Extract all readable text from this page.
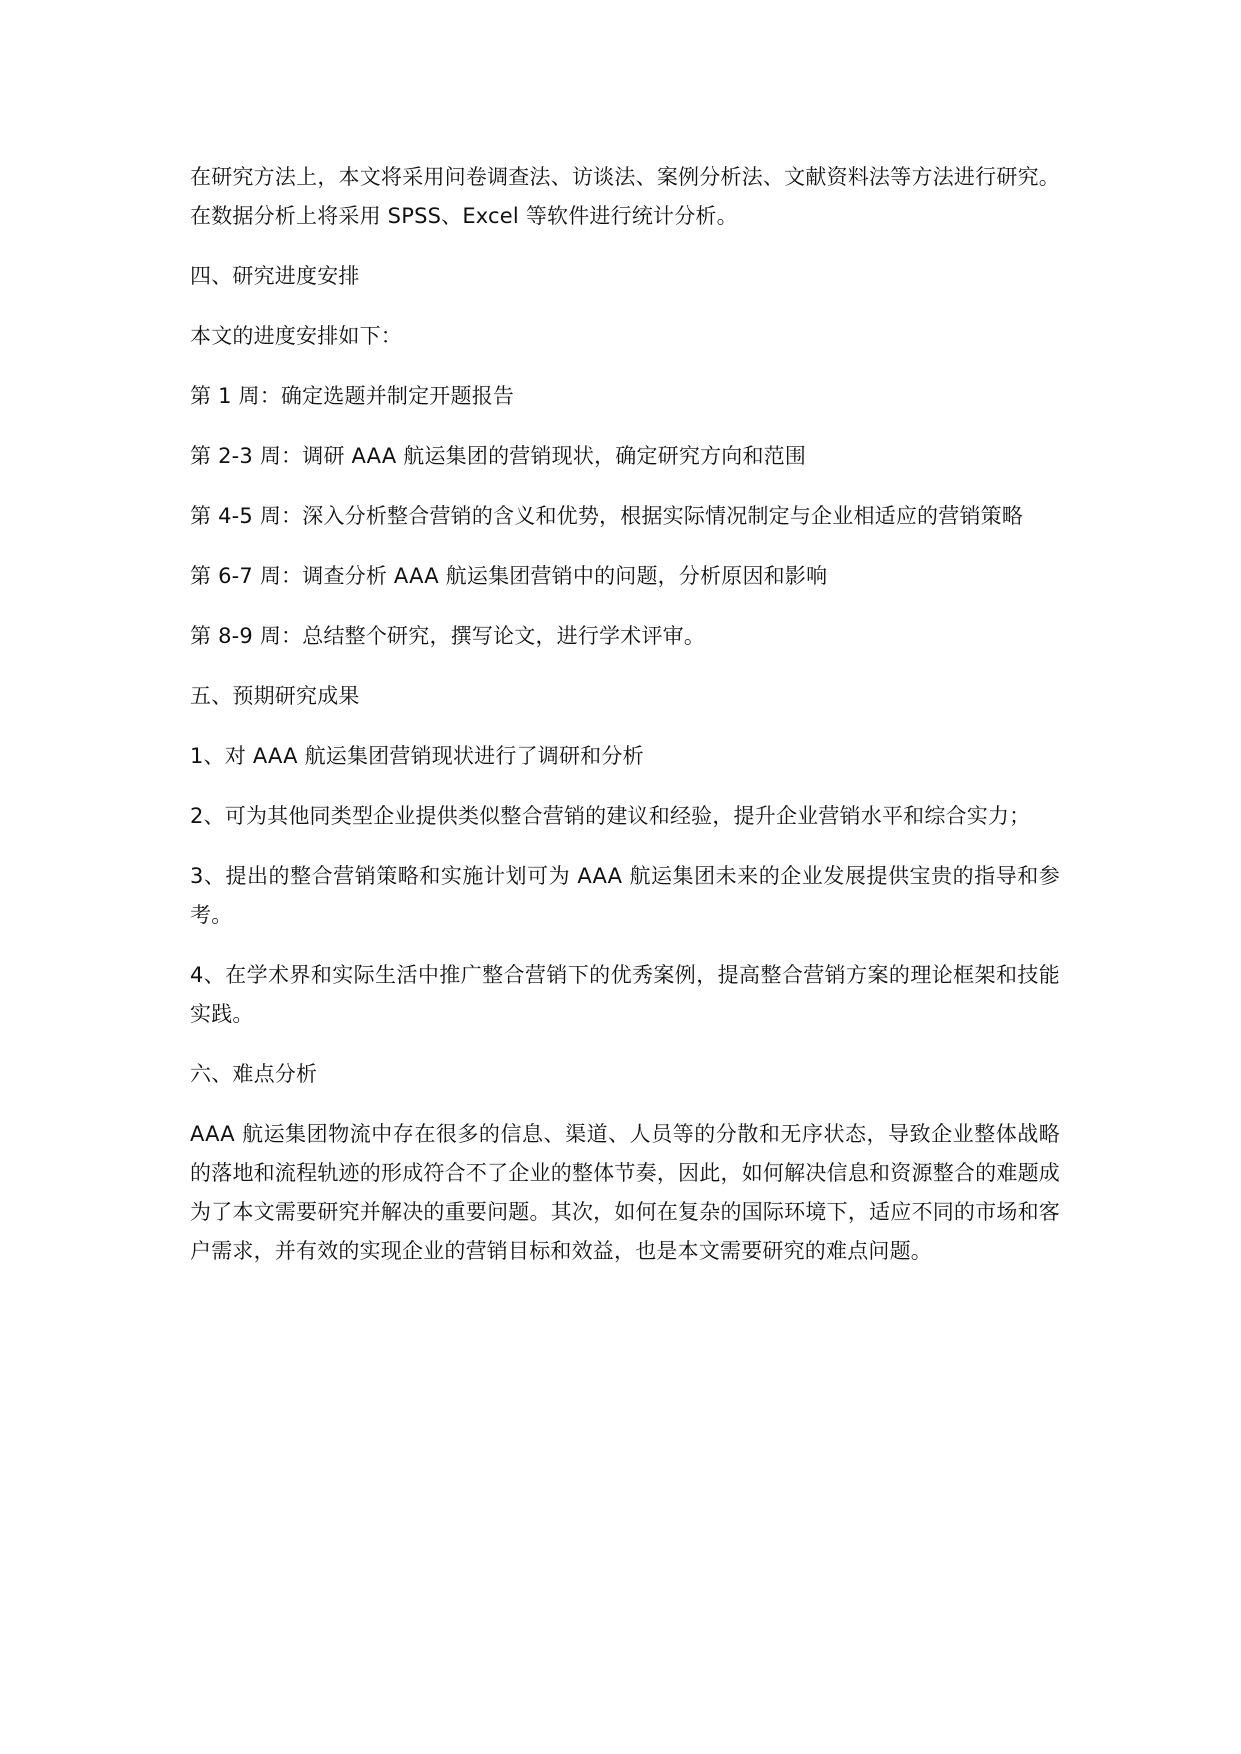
在研究方法上，本文将采用问卷调查法、访谈法、案例分析法、文献资料法等方法进行研究。在数据分析上将采用 SPSS、Excel 等软件进行统计分析。

四、研究进度安排

本文的进度安排如下：

第 1 周：确定选题并制定开题报告

第 2-3 周：调研 AAA 航运集团的营销现状，确定研究方向和范围

第 4-5 周：深入分析整合营销的含义和优势，根据实际情况制定与企业相适应的营销策略

第 6-7 周：调查分析 AAA 航运集团营销中的问题，分析原因和影响

第 8-9 周：总结整个研究，撰写论文，进行学术评审。

五、预期研究成果

1、对 AAA 航运集团营销现状进行了调研和分析

2、可为其他同类型企业提供类似整合营销的建议和经验，提升企业营销水平和综合实力；

3、提出的整合营销策略和实施计划可为 AAA 航运集团未来的企业发展提供宝贵的指导和参考。

4、在学术界和实际生活中推广整合营销下的优秀案例，提高整合营销方案的理论框架和技能实践。

六、难点分析

AAA 航运集团物流中存在很多的信息、渠道、人员等的分散和无序状态，导致企业整体战略的落地和流程轨迹的形成符合不了企业的整体节奏，因此，如何解决信息和资源整合的难题成为了本文需要研究并解决的重要问题。其次，如何在复杂的国际环境下，适应不同的市场和客户需求，并有效的实现企业的营销目标和效益，也是本文需要研究的难点问题。
